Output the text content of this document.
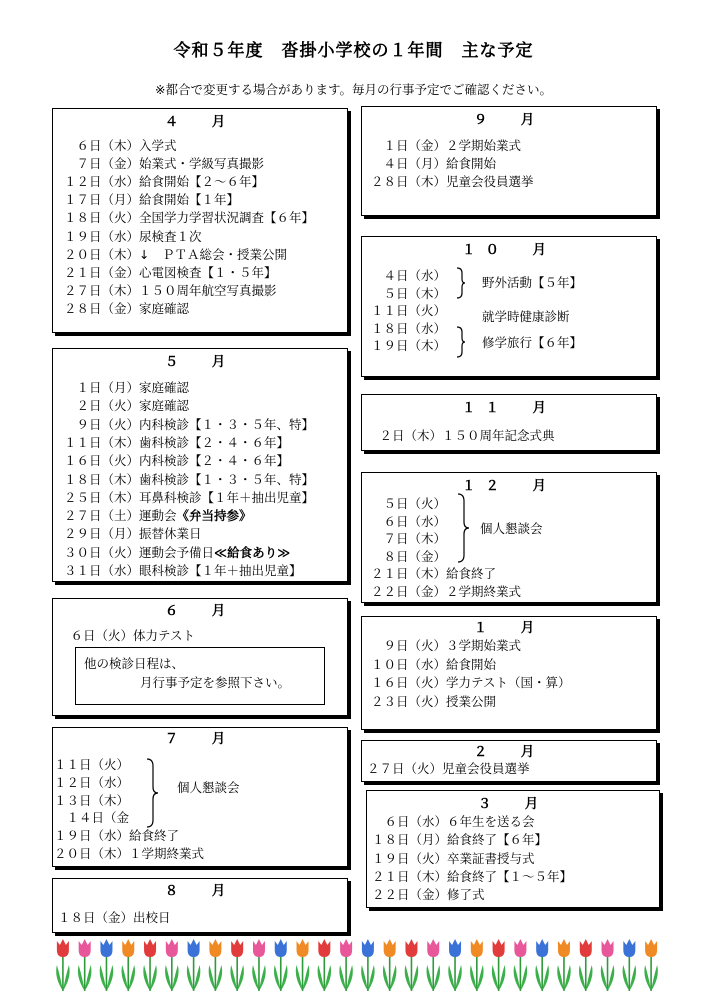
令和５年度　沓掛小学校の１年間　主な予定
※都合で変更する場合があります。毎月の行事予定でご確認ください。
４　月
６日（木）入学式
７日（金）始業式・学級写真撮影
１２日（水）給食開始【２〜６年】
１７日（月）給食開始【１年】
１８日（火）全国学力学習状況調査【６年】
１９日（水）尿検査１次
２０日（木）↓　ＰＴＡ総会・授業公開
２１日（金）心電図検査【１・５年】
２７日（木）１５０周年航空写真撮影
２８日（金）家庭確認
５　月
１日（月）家庭確認
２日（火）家庭確認
９日（火）内科検診【１・３・５年、特】
１１日（木）歯科検診【２・４・６年】
１６日（火）内科検診【２・４・６年】
１８日（木）歯科検診【１・３・５年、特】
２５日（木）耳鼻科検診【１年＋抽出児童】
２７日（土）運動会《弁当持参》
２９日（月）振替休業日
３０日（火）運動会予備日≪給食あり≫
３１日（水）眼科検診【１年＋抽出児童】
６　月
６日（火）体力テスト
他の検診日程は、
月行事予定を参照下さい。
７　月
１１日（火）
１２日（水）
１３日（木）
１４日（金
個人懇談会
１９日（水）給食終了
２０日（木）１学期終業式
８　月
１８日（金）出校日
９　月
１日（金）２学期始業式
４日（月）給食開始
２８日（木）児童会役員選挙
１０　月
４日（水）
５日（木）
１１日（火）
１８日（水）
１９日（木）
野外活動【５年】
就学時健康診断
修学旅行【６年】
１１　月
２日（木）１５０周年記念式典
１２　月
５日（火）
６日（水）
７日（木）
８日（金）
個人懇談会
２１日（木）給食終了
２２日（金）２学期終業式
１　月
９日（火）３学期始業式
１０日（水）給食開始
１６日（火）学力テスト（国・算）
２３日（火）授業公開
２　月
２７日（火）児童会役員選挙
３　月
６日（水）６年生を送る会
１８日（月）給食終了【６年】
１９日（火）卒業証書授与式
２１日（木）給食終了【１〜５年】
２２日（金）修了式
